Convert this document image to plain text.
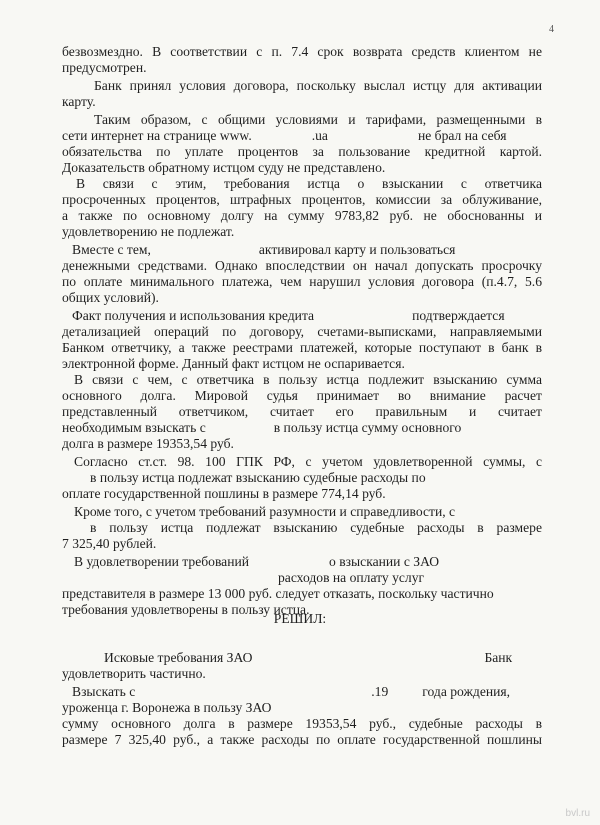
4
безвозмездно. В соответствии с п. 7.4 срок возврата средств клиентом не
предусмотрен.
Банк принял условия договора, поскольку выслал истцу для активации
карту.
Таким образом, с общими условиями и тарифами, размещенными в
сети интернет на странице www.	.ua	не брал на себя
обязательства по уплате процентов за пользование кредитной картой.
Доказательств обратному истцом суду не представлено.
В связи с этим, требования истца о взыскании с ответчика
просроченных процентов, штрафных процентов, комиссии за облуживание,
а также по основному долгу на сумму 9783,82 руб. не обоснованны и
удовлетворению не подлежат.
Вместе с тем,	активировал карту и пользоваться
денежными средствами. Однако впоследствии он начал допускать просрочку
по оплате минимального платежа, чем нарушил условия договора (п.4.7, 5.6
общих условий).
Факт получения и использования кредита	подтверждается
детализацией операций по договору, счетами-выписками, направляемыми
Банком ответчику, а также реестрами платежей, которые поступают в банк в
электронной форме. Данный факт истцом не оспаривается.
В связи с чем, с ответчика в пользу истца подлежит взысканию сумма
основного долга. Мировой судья принимает во внимание расчет
представленный ответчиком, считает его правильным и считает
необходимым взыскать с	в пользу истца сумму основного
долга в размере 19353,54 руб.
Согласно ст.ст. 98. 100 ГПК РФ, с учетом удовлетворенной суммы, с
в пользу истца подлежат взысканию судебные расходы по
оплате государственной пошлины в размере 774,14 руб.
Кроме того, с учетом требований разумности и справедливости, с
в пользу истца подлежат взысканию судебные расходы в размере
7 325,40 рублей.
В удовлетворении требований	о взыскании с ЗАО
расходов на оплату услуг
представителя в размере 13 000 руб. следует отказать, поскольку частично
требования удовлетворены в пользу истца.
Исковые требования ЗАО	Банк
удовлетворить частично.
Взыскать с	.19	года рождения,
уроженца г. Воронежа в пользу ЗАО
сумму основного долга в размере 19353,54 руб., судебные расходы в
размере 7 325,40 руб., а также расходы по оплате государственной пошлины
РЕШИЛ:
bvl.ru
